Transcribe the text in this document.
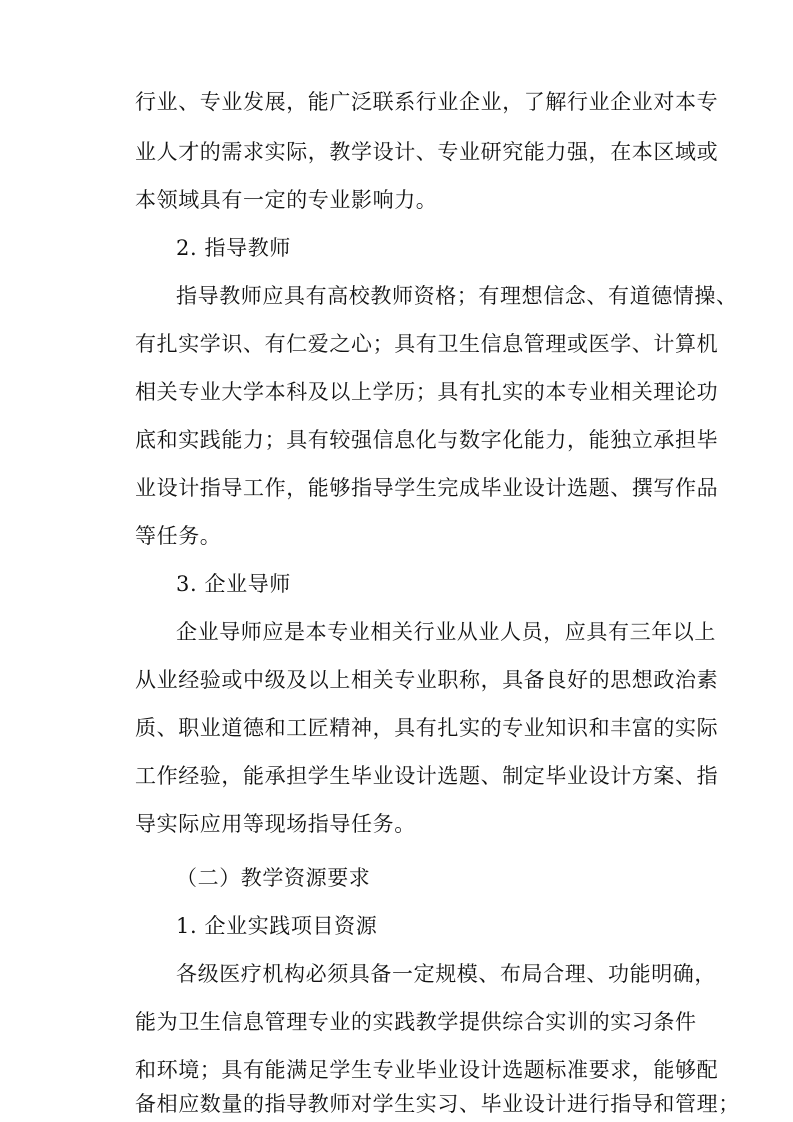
行业、专业发展，能广泛联系行业企业，了解行业企业对本专
业人才的需求实际，教学设计、专业研究能力强，在本区域或
本领域具有一定的专业影响力。
2. 指导教师
指导教师应具有高校教师资格；有理想信念、有道德情操、
有扎实学识、有仁爱之心；具有卫生信息管理或医学、计算机
相关专业大学本科及以上学历；具有扎实的本专业相关理论功
底和实践能力；具有较强信息化与数字化能力，能独立承担毕
业设计指导工作，能够指导学生完成毕业设计选题、撰写作品
等任务。
3. 企业导师
企业导师应是本专业相关行业从业人员，应具有三年以上
从业经验或中级及以上相关专业职称，具备良好的思想政治素
质、职业道德和工匠精神，具有扎实的专业知识和丰富的实际
工作经验，能承担学生毕业设计选题、制定毕业设计方案、指
导实际应用等现场指导任务。
（二）教学资源要求
1. 企业实践项目资源
各级医疗机构必须具备一定规模、布局合理、功能明确，
能为卫生信息管理专业的实践教学提供综合实训的实习条件
和环境；具有能满足学生专业毕业设计选题标准要求，能够配
备相应数量的指导教师对学生实习、毕业设计进行指导和管理；
